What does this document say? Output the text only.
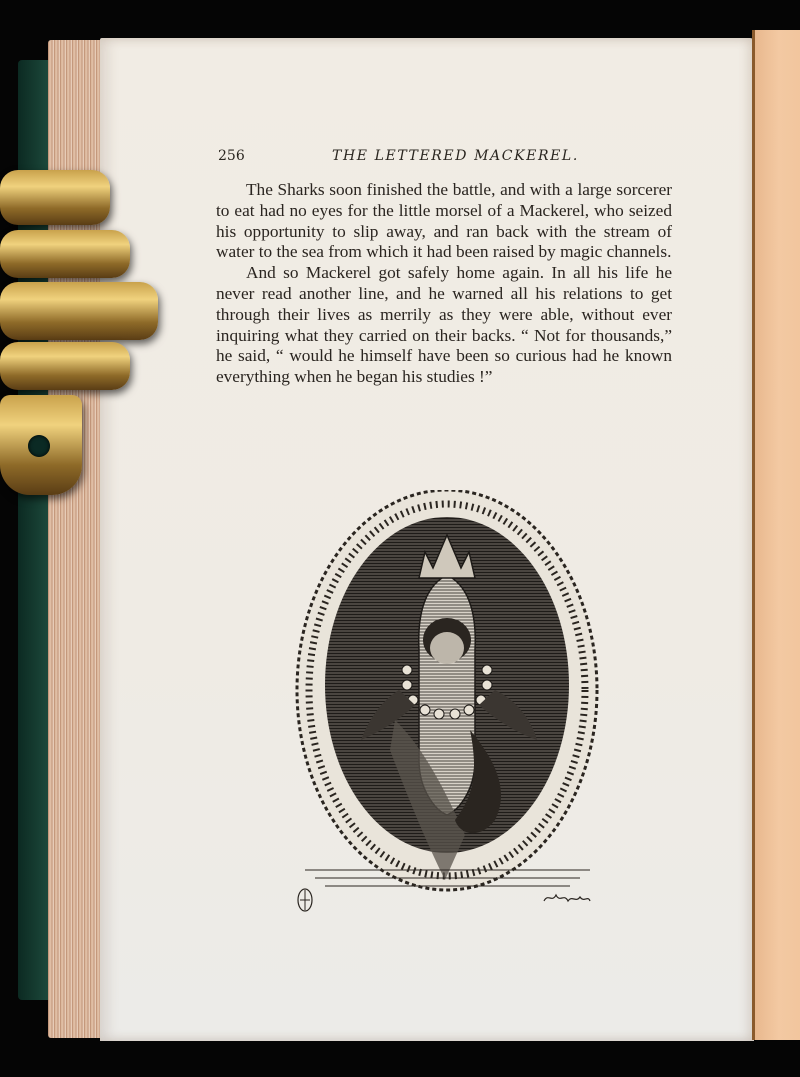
256	THE LETTERED MACKEREL.

The Sharks soon finished the battle, and with a large sorcerer to eat had no eyes for the little morsel of a Mackerel, who seized his opportunity to slip away, and ran back with the stream of water to the sea from which it had been raised by magic channels.

And so Mackerel got safely home again. In all his life he never read another line, and he warned all his relations to get through their lives as merrily as they were able, without ever inquiring what they carried on their backs. “ Not for thousands,” he said, “ would he himself have been so curious had he known everything when he began his studies !”
